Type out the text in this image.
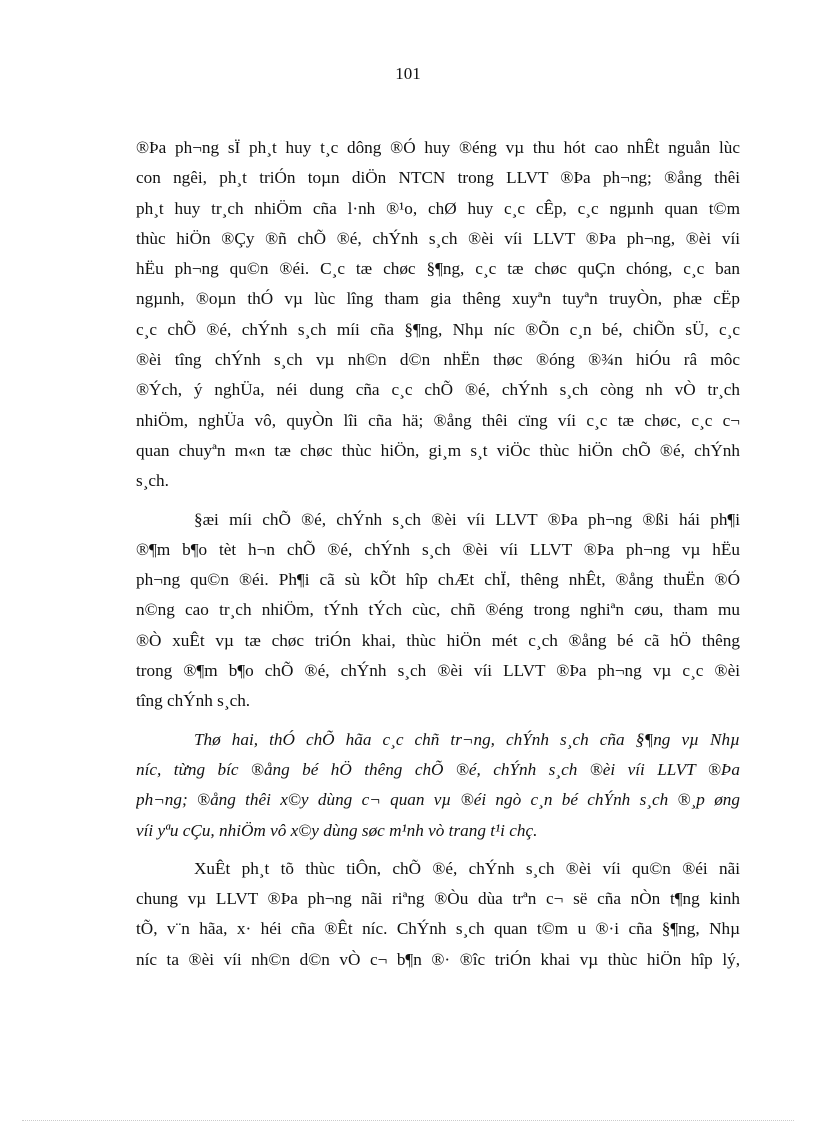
101
®Þa ph¬ng sÏ ph¸t huy t¸c dông ®Ó huy ®éng vµ thu hót cao nhÊt nguån lùc
con ngêi, ph¸t triÓn toµn diÖn NTCN trong LLVT ®Þa ph¬ng; ®ång thêi
ph¸t huy tr¸ch nhiÖm cña l·nh ®¹o, chØ huy c¸c cÊp, c¸c ngµnh quan t©m
thùc hiÖn ®Çy ®ñ chÕ ®é, chÝnh s¸ch ®èi víi LLVT ®Þa ph¬ng, ®èi víi
hËu ph¬ng qu©n ®éi. C¸c tæ chøc §¶ng, c¸c tæ chøc quÇn chóng, c¸c ban
ngµnh, ®oµn thÓ vµ lùc lîng tham gia thêng xuyªn tuyªn truyÒn, phæ cËp
c¸c chÕ ®é, chÝnh s¸ch míi cña §¶ng, Nhµ níc ®Õn c¸n bé, chiÕn sÜ, c¸c
®èi tîng chÝnh s¸ch vµ nh©n d©n nhËn thøc ®óng ®¾n hiÓu râ môc
®Ých, ý nghÜa, néi dung cña c¸c chÕ ®é, chÝnh s¸ch còng nh vÒ tr¸ch
nhiÖm, nghÜa vô, quyÒn lîi cña hä; ®ång thêi cïng víi c¸c tæ chøc, c¸c c¬
quan chuyªn m«n tæ chøc thùc hiÖn, gi¸m s¸t viÖc thùc hiÖn chÕ ®é, chÝnh
s¸ch.
§æi míi chÕ ®é, chÝnh s¸ch ®èi víi LLVT ®Þa ph¬ng ®ßi hái ph¶i
®¶m b¶o tèt h¬n chÕ ®é, chÝnh s¸ch ®èi víi LLVT ®Þa ph¬ng vµ hËu
ph¬ng qu©n ®éi. Ph¶i cã sù kÕt hîp chÆt chÏ, thêng nhÊt, ®ång thuËn ®Ó
n©ng cao tr¸ch nhiÖm, tÝnh tÝch cùc, chñ ®éng trong nghiªn cøu, tham mu
®Ò xuÊt vµ tæ chøc triÓn khai, thùc hiÖn mét c¸ch ®ång bé cã hÖ thêng
trong ®¶m b¶o chÕ ®é, chÝnh s¸ch ®èi víi LLVT ®Þa ph¬ng vµ c¸c ®èi
tîng chÝnh s¸ch.
Thø hai, thÓ chÕ hãa c¸c chñ tr¬ng, chÝnh s¸ch cña §¶ng vµ Nhµ
níc, từng bíc ®ång bé hÖ thêng chÕ ®é, chÝnh s¸ch ®èi víi LLVT ®Þa
ph¬ng; ®ång thêi x©y dùng c¬ quan vµ ®éi ngò c¸n bé chÝnh s¸ch ®¸p øng
víi yªu cÇu, nhiÖm vô x©y dùng søc m¹nh vò trang t¹i chç.
XuÊt ph¸t tõ thùc tiÔn, chÕ ®é, chÝnh s¸ch ®èi víi qu©n ®éi nãi
chung vµ LLVT ®Þa ph¬ng nãi riªng ®Òu dùa trªn c¬ së cña nÒn t¶ng kinh
tÕ, v¨n hãa, x· héi cña ®Êt níc. ChÝnh s¸ch quan t©m u ®·i cña §¶ng, Nhµ
níc ta ®èi víi nh©n d©n vÒ c¬ b¶n ®· ®îc triÓn khai vµ thùc hiÖn hîp lý,
